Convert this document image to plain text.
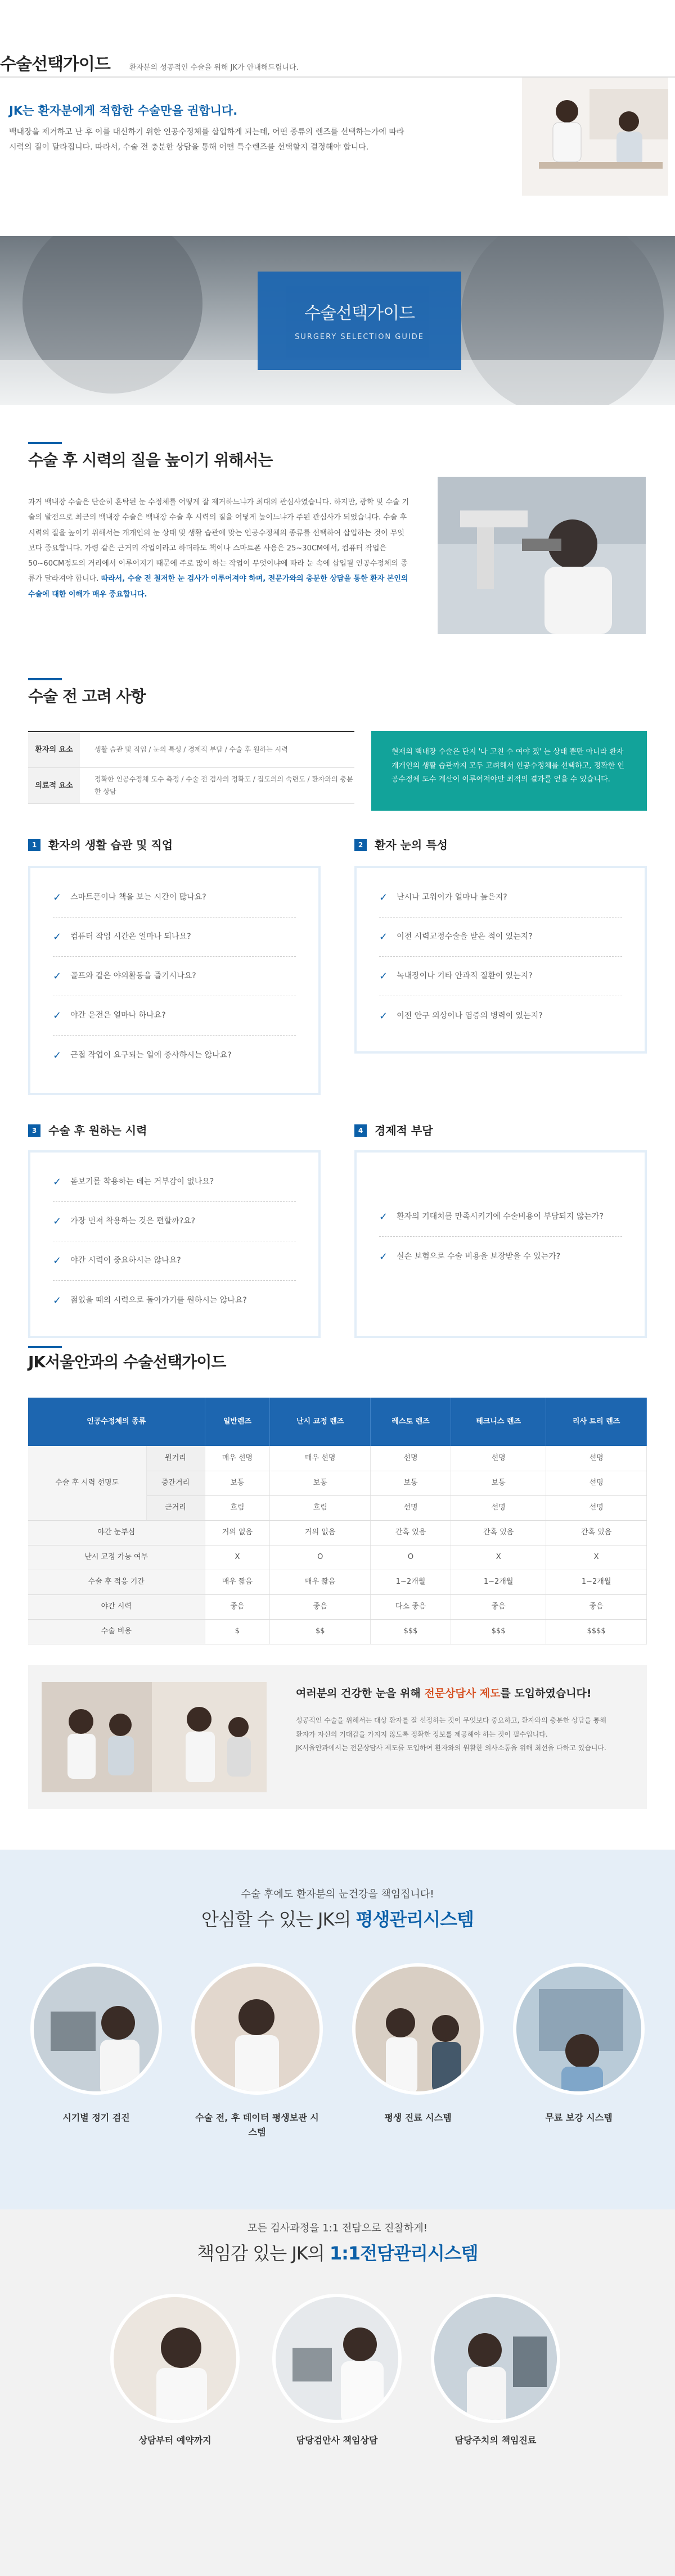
수술선택가이드	환자분의 성공적인 수술을 위해 JK가 안내해드립니다.
JK는 환자분에게 적합한 수술만을 권합니다.
백내장을 제거하고 난 후 이를 대신하기 위한 인공수정체를 삽입하게 되는데, 어떤 종류의 렌즈를 선택하는가에 따라
시력의 질이 달라집니다. 따라서, 수술 전 충분한 상담을 통해 어떤 특수렌즈를 선택할지 결정해야 합니다.
수술선택가이드
SURGERY SELECTION GUIDE
수술 후 시력의 질을 높이기 위해서는
과거 백내장 수술은 단순히 혼탁된 눈 수정체를 어떻게 잘 제거하느냐가 최대의 관심사였습니다. 하지만, 광학 및 수술 기술의 발전으로 최근의 백내장 수술은 백내장 수술 후 시력의 질을 어떻게 높이느냐가 주된 관심사가 되었습니다. 수술 후 시력의 질을 높이기 위해서는 개개인의 눈 상태 및 생활 습관에 맞는 인공수정체의 종류를 선택하여 삽입하는 것이 무엇보다 중요합니다. 가령 같은 근거리 작업이라고 하더라도 책이나 스마트폰 사용은 25~30CM에서, 컴퓨터 작업은 50~60CM정도의 거리에서 이루어지기 때문에 주로 많이 하는 작업이 무엇이냐에 따라 눈 속에 삽입될 인공수정체의 종류가 달라져야 합니다. 따라서, 수술 전 철저한 눈 검사가 이루어져야 하며, 전문가와의 충분한 상담을 통한 환자 본인의 수술에 대한 이해가 매우 중요합니다.
수술 전 고려 사항
환자의 요소	생활 습관 및 직업 / 눈의 특성 / 경제적 부담 / 수술 후 원하는 시력
의료적 요소
정확한 인공수정체 도수 측정 / 수술 전 검사의 정확도 / 집도의의 숙련도 / 환자와의 충분한 상담
현재의 백내장 수술은 단지 '나 고친 수 여야 겠' 는 상태 뿐만 아니라 환자 개개인의 생활 습관까지 모두 고려해서 인공수정체를 선택하고, 정확한 인공수정체 도수 계산이 이루어져야만 최적의 결과를 얻을 수 있습니다.
1	환자의 생활 습관 및 직업
✓ 스마트폰이나 책을 보는 시간이 많나요?
✓ 컴퓨터 작업 시간은 얼마나 되나요?
✓ 골프와 같은 야외활동을 즐기시나요?
✓ 야간 운전은 얼마나 하나요?
✓ 근접 작업이 요구되는 일에 종사하시는 않나요?
2	환자 눈의 특성
✓ 난시나 고워이가 얼마나 높은지?
✓ 이전 시력교정수술을 받은 적이 있는지?
✓ 녹내장이나 기타 안과적 질환이 있는지?
✓ 이전 안구 외상이나 염증의 병력이 있는지?
3	수술 후 원하는 시력
✓ 돋보기를 착용하는 데는 거부감이 없나요?
✓ 가장 먼저 착용하는 것은 편할까?요?
✓ 야간 시력이 중요하시는 않나요?
✓ 젊었을 때의 시력으로 돌아가기를 원하시는 않나요?
4	경제적 부담
✓ 환자의 기대치를 만족시키기에 수술비용이 부담되지 않는가?
✓ 실손 보험으로 수술 비용을 보장받을 수 있는가?
JK서울안과의 수술선택가이드
인공수정체의 종류		일반렌즈	난시 교정 렌즈	레스토 렌즈	테크니스 렌즈	리사 트리 렌즈
수술 후 시력 선명도	원거리	매우 선명	매우 선명	선명	선명	선명
	중간거리	보통	보통	보통	보통	선명
	근거리	흐림	흐림	선명	선명	선명
야간 눈부심		거의 없음	거의 없음	간혹 있음	간혹 있음	간혹 있음
난시 교정 가능 여부		X	O	O	X	X
수술 후 적응 기간		매우 짧음	매우 짧음	1~2개월	1~2개월	1~2개월
야간 시력		좋음	좋음	다소 좋음	좋음	좋음
수술 비용		$	$$	$$$	$$$	$$$$
여러분의 건강한 눈을 위해 전문상담사 제도를 도입하였습니다!
성공적인 수술을 위해서는 대상 환자를 잘 선정하는 것이 무엇보다 중요하고, 환자와의 충분한 상담을 통해
환자가 자신의 기대감을 가지지 않도록 정확한 정보를 제공해야 하는 것이 필수입니다.
JK서울안과에서는 전문상담사 제도를 도입하여 환자와의 원활한 의사소통을 위해 최선을 다하고 있습니다.
수술 후에도 환자분의 눈건강을 책임집니다!
안심할 수 있는 JK의 평생관리시스템
시기별 정기 검진	수술 전, 후 데이터 평생보관 시스템
평생 진료 시스템	무료 보강 시스템
모든 검사과정을 1:1 전담으로 진찰하게!
책임감 있는 JK의 1:1전담관리시스템
상담부터 예약까지	담당검안사 책임상담	담당주치의 책임진료
